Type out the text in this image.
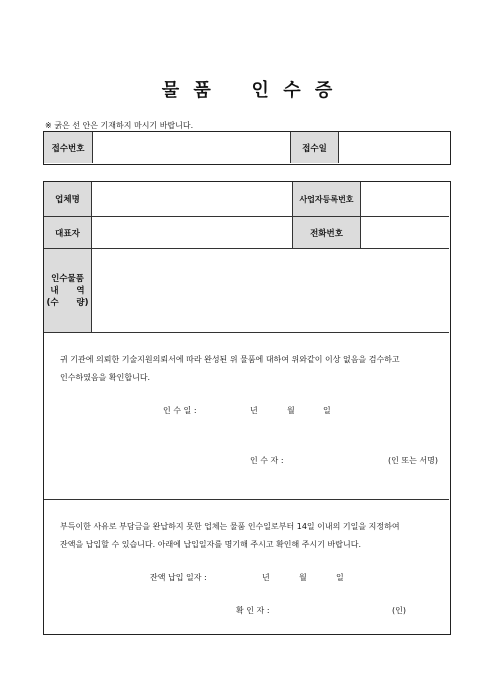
물 품   인 수 증
※ 굵은 선 안은 기재하지 마시기 바랍니다.
접수번호	접수일
업체명	사업자등록번호
대표자	전화번호
인수물품
내      역
(수      량)
귀 기관에 의뢰한 기술지원의뢰서에 따라 완성된 위 물품에 대하여 위와같이 이상 없음을 검수하고
인수하였음을 확인합니다.
인 수 일 :	년	월	일
인 수 자 :	(인 또는 서명)
부득이한 사유로 부담금을 완납하지 못한 업체는 물품 인수일로부터 14일 이내의 기일을 지정하여
잔액을 납입할 수 있습니다. 아래에 납입일자를 명기해 주시고 확인해 주시기 바랍니다.
잔액 납입 일자 :	년	월	일
확 인 자 :	(인)
